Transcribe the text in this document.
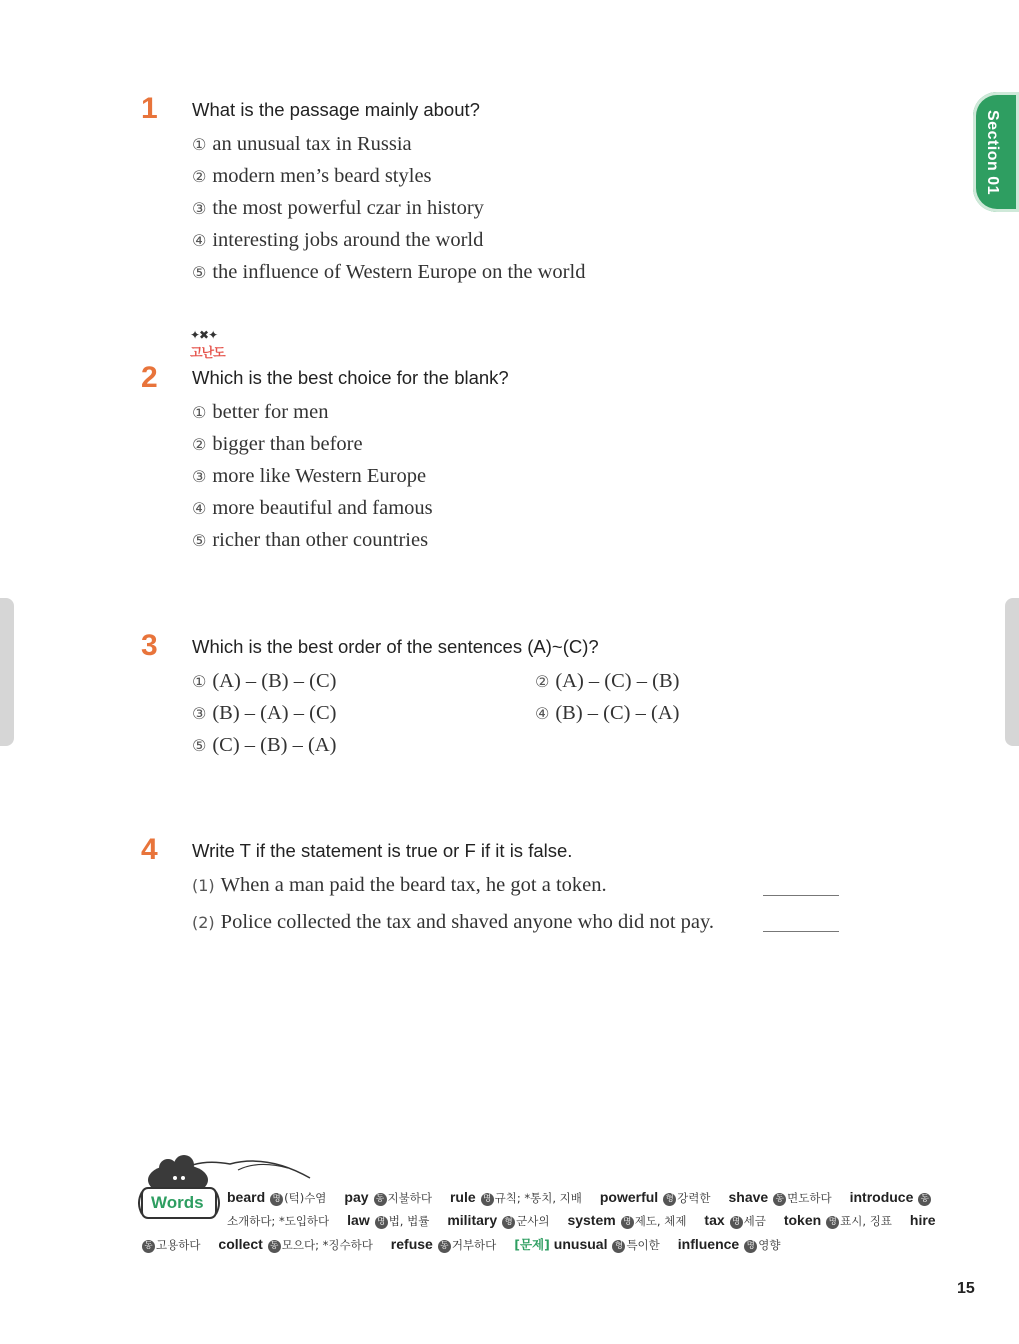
Section 01
1 What is the passage mainly about?
① an unusual tax in Russia
② modern men’s beard styles
③ the most powerful czar in history
④ interesting jobs around the world
⑤ the influence of Western Europe on the world
✦✖✦
고난도
2 Which is the best choice for the blank?
① better for men
② bigger than before
③ more like Western Europe
④ more beautiful and famous
⑤ richer than other countries
3 Which is the best order of the sentences (A)~(C)?
① (A) – (B) – (C)	② (A) – (C) – (B)
③ (B) – (A) – (C)	④ (B) – (C) – (A)
⑤ (C) – (B) – (A)
4 Write T if the statement is true or F if it is false.
(1) When a man paid the beard tax, he got a token.
(2) Police collected the tax and shaved anyone who did not pay.
Words beard 명 (턱)수염 pay 동 지불하다 rule 명 규칙; *통치, 지배 powerful 형 강력한 shave 동 면도하다 introduce 동
소개하다; *도입하다 law 명 법, 법률 military 형 군사의 system 명 제도, 체제 tax 명 세금 token 명 표시, 징표 hire
동 고용하다 collect 동 모으다; *징수하다 refuse 동 거부하다 [문제] unusual 형 특이한 influence 명 영향
15
